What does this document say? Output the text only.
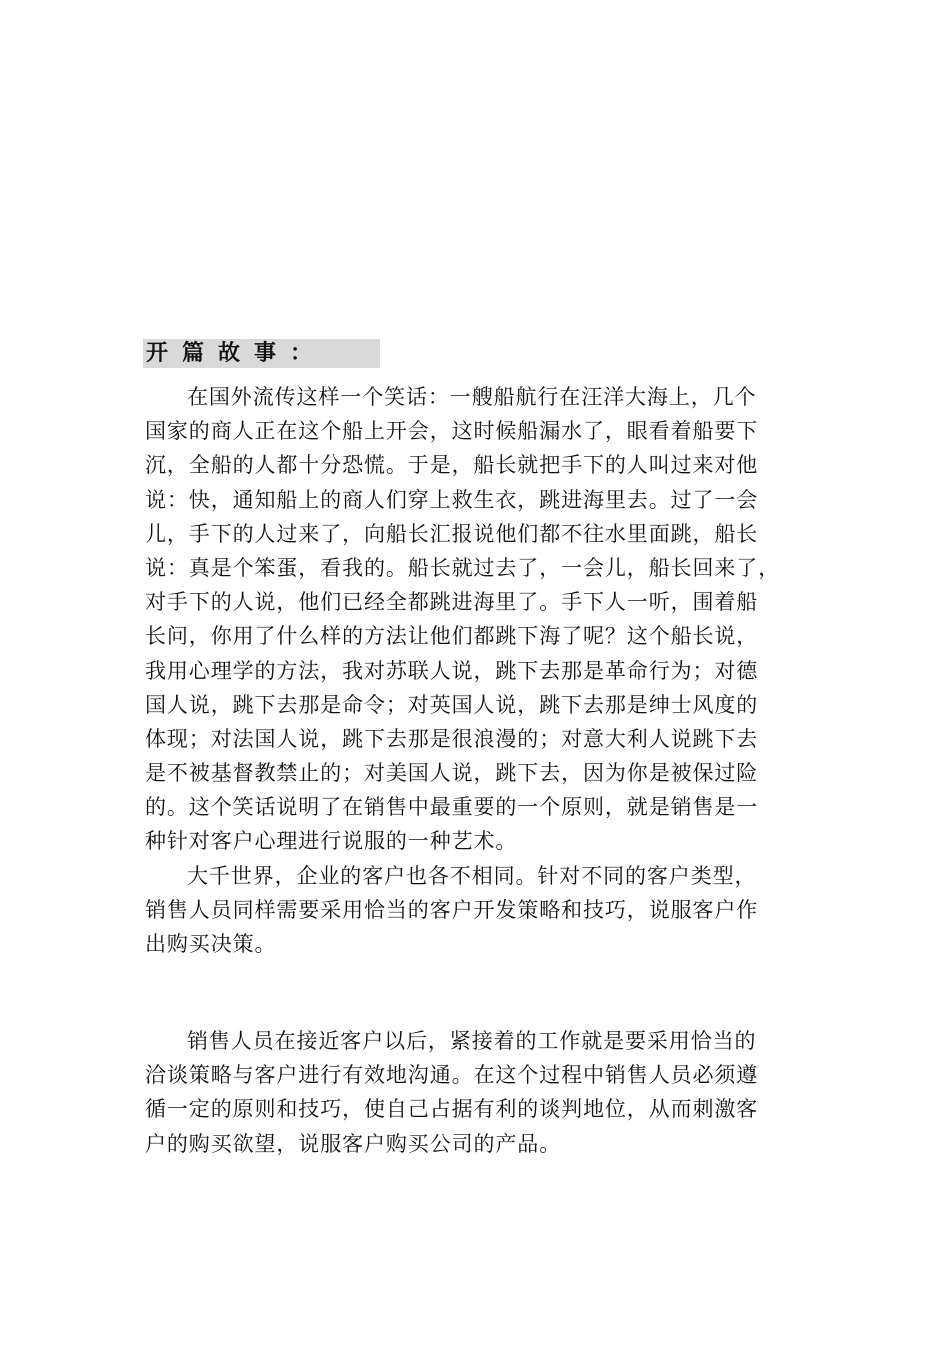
开篇故事：
在国外流传这样一个笑话：一艘船航行在汪洋大海上，几个
国家的商人正在这个船上开会，这时候船漏水了，眼看着船要下
沉，全船的人都十分恐慌。于是，船长就把手下的人叫过来对他
说：快，通知船上的商人们穿上救生衣，跳进海里去。过了一会
儿，手下的人过来了，向船长汇报说他们都不往水里面跳，船长
说：真是个笨蛋，看我的。船长就过去了，一会儿，船长回来了，
对手下的人说，他们已经全都跳进海里了。手下人一听，围着船
长问，你用了什么样的方法让他们都跳下海了呢？这个船长说，
我用心理学的方法，我对苏联人说，跳下去那是革命行为；对德
国人说，跳下去那是命令；对英国人说，跳下去那是绅士风度的
体现；对法国人说，跳下去那是很浪漫的；对意大利人说跳下去
是不被基督教禁止的；对美国人说，跳下去，因为你是被保过险
的。这个笑话说明了在销售中最重要的一个原则，就是销售是一
种针对客户心理进行说服的一种艺术。
大千世界，企业的客户也各不相同。针对不同的客户类型，
销售人员同样需要采用恰当的客户开发策略和技巧，说服客户作
出购买决策。
销售人员在接近客户以后，紧接着的工作就是要采用恰当的
洽谈策略与客户进行有效地沟通。在这个过程中销售人员必须遵
循一定的原则和技巧，使自己占据有利的谈判地位，从而刺激客
户的购买欲望，说服客户购买公司的产品。
